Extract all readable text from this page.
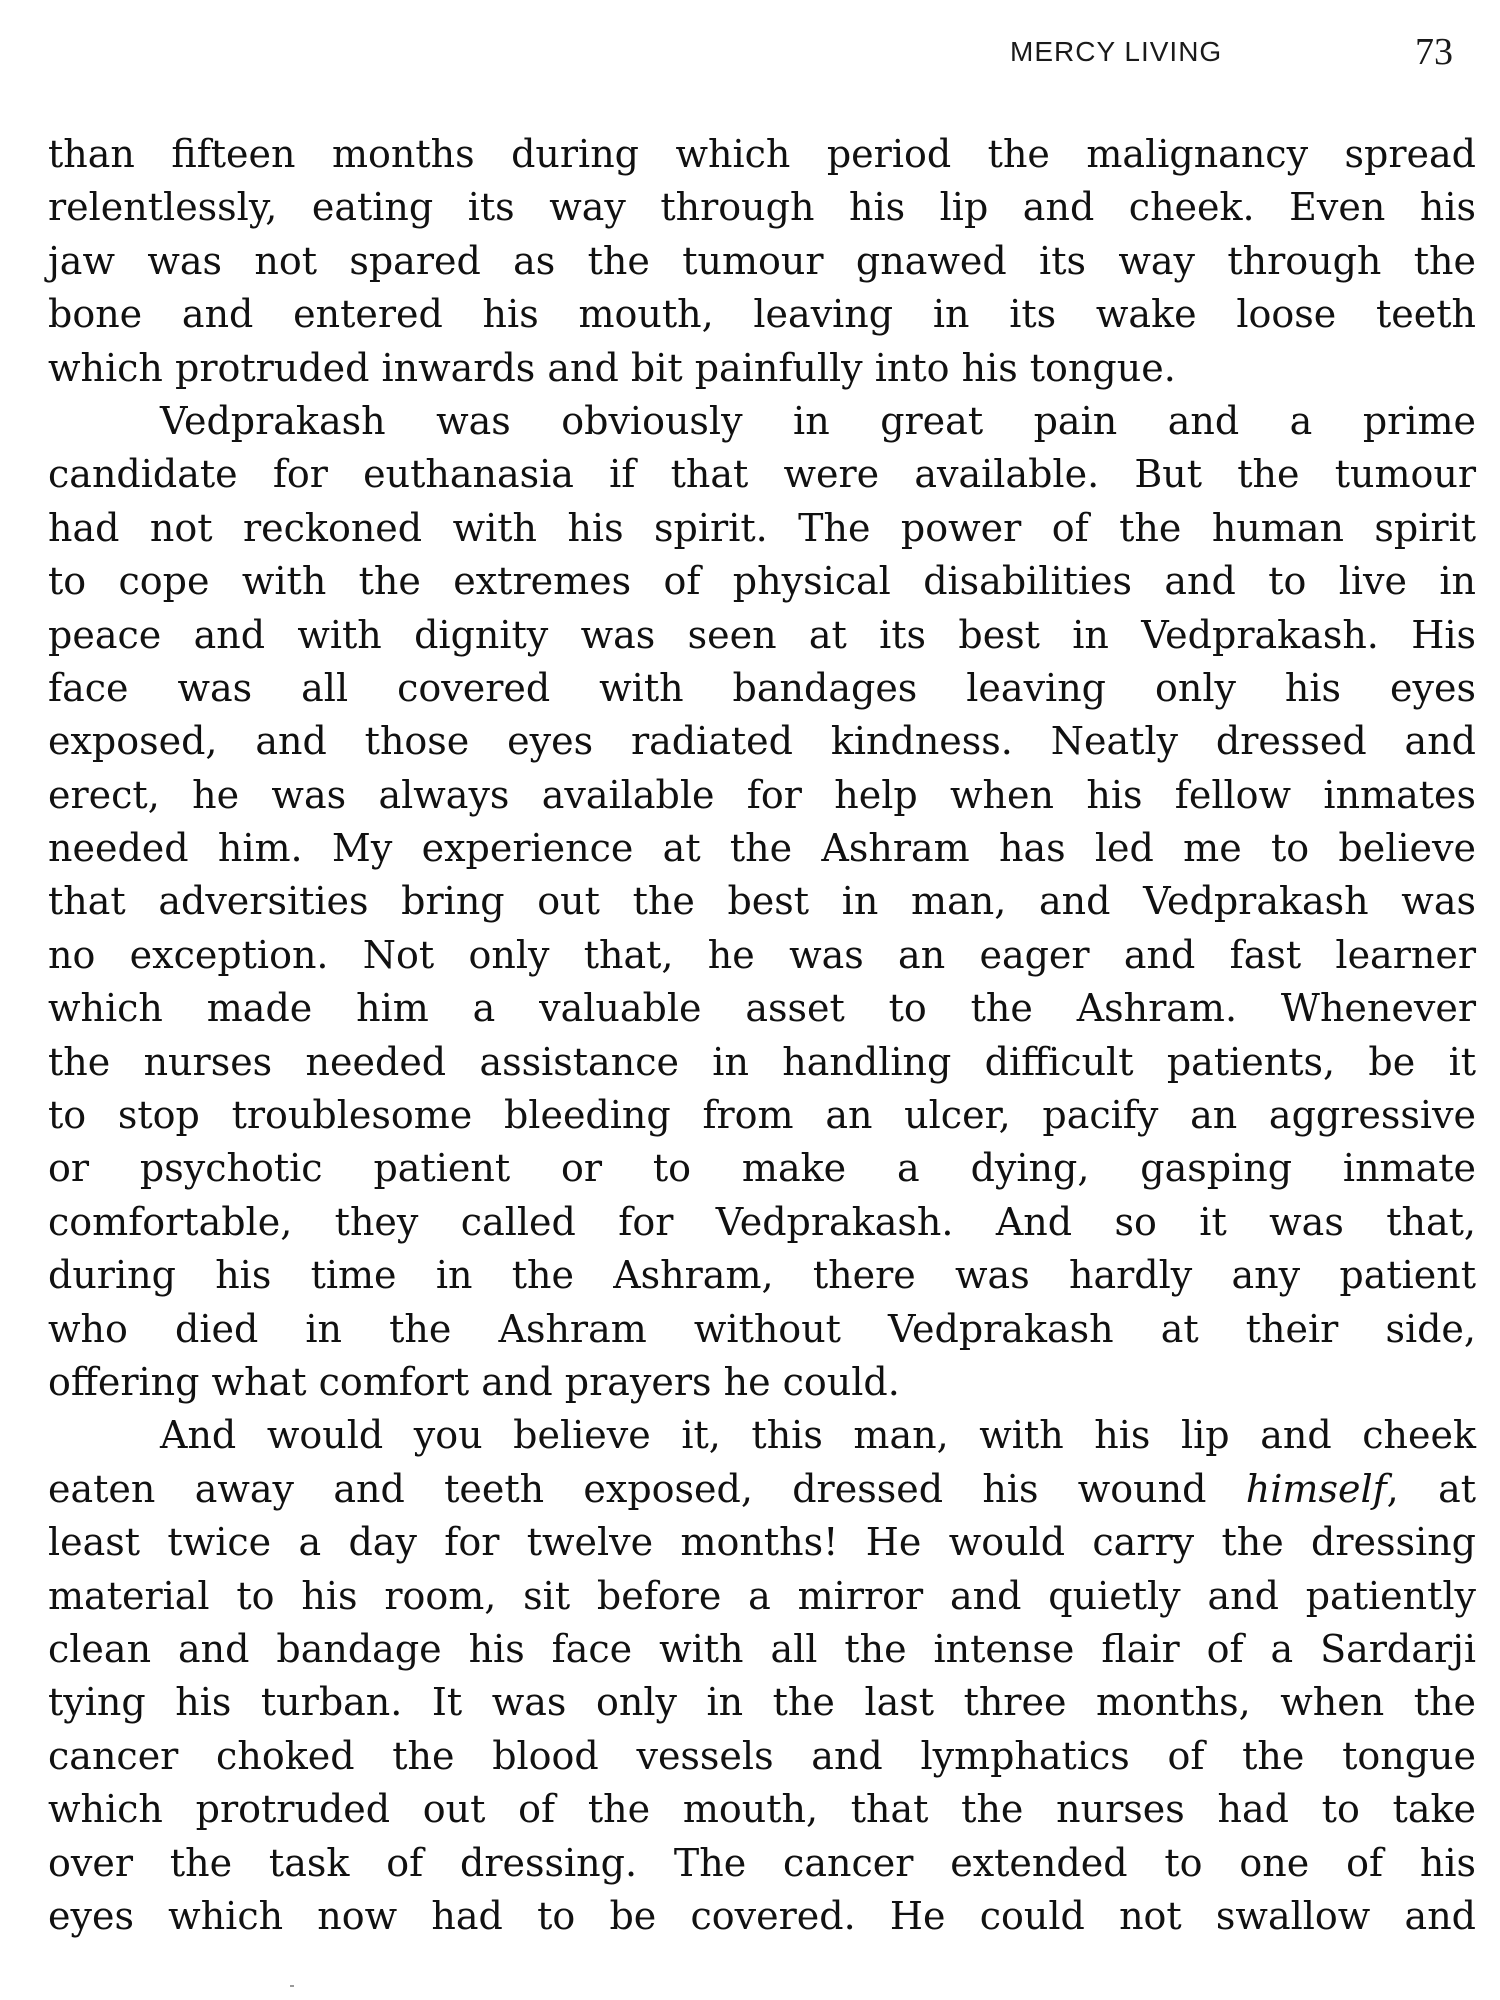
MERCY LIVING	73
than fifteen months during which period the malignancy spread
relentlessly, eating its way through his lip and cheek. Even his
jaw was not spared as the tumour gnawed its way through the
bone and entered his mouth, leaving in its wake loose teeth
which protruded inwards and bit painfully into his tongue.
Vedprakash was obviously in great pain and a prime
candidate for euthanasia if that were available. But the tumour
had not reckoned with his spirit. The power of the human spirit
to cope with the extremes of physical disabilities and to live in
peace and with dignity was seen at its best in Vedprakash. His
face was all covered with bandages leaving only his eyes
exposed, and those eyes radiated kindness. Neatly dressed and
erect, he was always available for help when his fellow inmates
needed him. My experience at the Ashram has led me to believe
that adversities bring out the best in man, and Vedprakash was
no exception. Not only that, he was an eager and fast learner
which made him a valuable asset to the Ashram. Whenever
the nurses needed assistance in handling difficult patients, be it
to stop troublesome bleeding from an ulcer, pacify an aggressive
or psychotic patient or to make a dying, gasping inmate
comfortable, they called for Vedprakash. And so it was that,
during his time in the Ashram, there was hardly any patient
who died in the Ashram without Vedprakash at their side,
offering what comfort and prayers he could.
And would you believe it, this man, with his lip and cheek
eaten away and teeth exposed, dressed his wound himself, at
least twice a day for twelve months! He would carry the dressing
material to his room, sit before a mirror and quietly and patiently
clean and bandage his face with all the intense flair of a Sardarji
tying his turban. It was only in the last three months, when the
cancer choked the blood vessels and lymphatics of the tongue
which protruded out of the mouth, that the nurses had to take
over the task of dressing. The cancer extended to one of his
eyes which now had to be covered. He could not swallow and
